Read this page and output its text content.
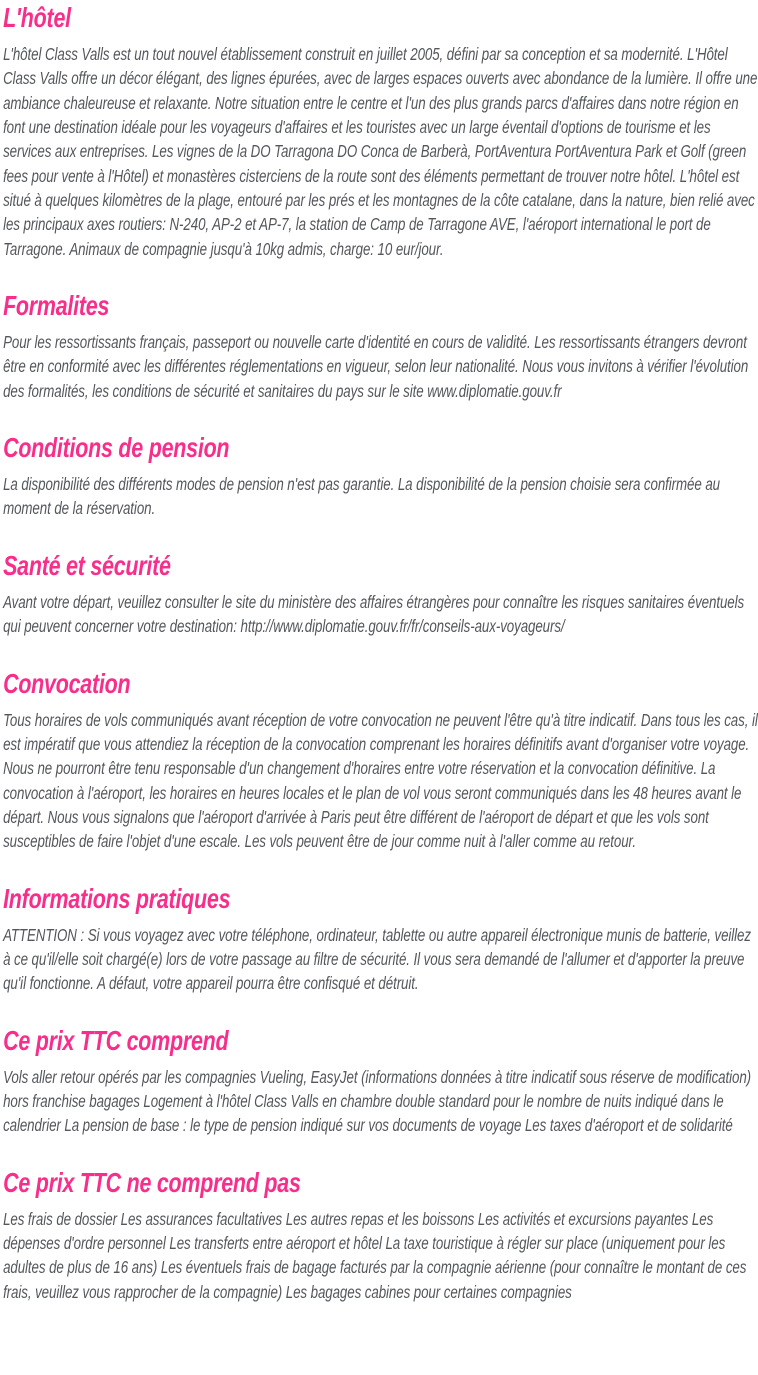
L'hôtel

L'hôtel Class Valls est un tout nouvel établissement construit en juillet 2005, défini par sa conception et sa modernité. L'Hôtel Class Valls offre un décor élégant, des lignes épurées, avec de larges espaces ouverts avec abondance de la lumière. Il offre une ambiance chaleureuse et relaxante. Notre situation entre le centre et l'un des plus grands parcs d'affaires dans notre région en font une destination idéale pour les voyageurs d'affaires et les touristes avec un large éventail d'options de tourisme et les services aux entreprises. Les vignes de la DO Tarragona DO Conca de Barberà, PortAventura PortAventura Park et Golf (green fees pour vente à l'Hôtel) et monastères cisterciens de la route sont des éléments permettant de trouver notre hôtel. L'hôtel est situé à quelques kilomètres de la plage, entouré par les prés et les montagnes de la côte catalane, dans la nature, bien relié avec les principaux axes routiers: N-240, AP-2 et AP-7, la station de Camp de Tarragone AVE, l'aéroport international le port de Tarragone. Animaux de compagnie jusqu'à 10kg admis, charge: 10 eur/jour.

Formalites

Pour les ressortissants français, passeport ou nouvelle carte d'identité en cours de validité. Les ressortissants étrangers devront être en conformité avec les différentes réglementations en vigueur, selon leur nationalité. Nous vous invitons à vérifier l'évolution des formalités, les conditions de sécurité et sanitaires du pays sur le site www.diplomatie.gouv.fr

Conditions de pension

La disponibilité des différents modes de pension n'est pas garantie. La disponibilité de la pension choisie sera confirmée au moment de la réservation.

Santé et sécurité

Avant votre départ, veuillez consulter le site du ministère des affaires étrangères pour connaître les risques sanitaires éventuels qui peuvent concerner votre destination: http://www.diplomatie.gouv.fr/fr/conseils-aux-voyageurs/

Convocation

Tous horaires de vols communiqués avant réception de votre convocation ne peuvent l'être qu'à titre indicatif. Dans tous les cas, il est impératif que vous attendiez la réception de la convocation comprenant les horaires définitifs avant d'organiser votre voyage. Nous ne pourront être tenu responsable d'un changement d'horaires entre votre réservation et la convocation définitive. La convocation à l'aéroport, les horaires en heures locales et le plan de vol vous seront communiqués dans les 48 heures avant le départ. Nous vous signalons que l'aéroport d'arrivée à Paris peut être différent de l'aéroport de départ et que les vols sont susceptibles de faire l'objet d'une escale. Les vols peuvent être de jour comme nuit à l'aller comme au retour.

Informations pratiques

ATTENTION : Si vous voyagez avec votre téléphone, ordinateur, tablette ou autre appareil électronique munis de batterie, veillez à ce qu'il/elle soit chargé(e) lors de votre passage au filtre de sécurité. Il vous sera demandé de l'allumer et d'apporter la preuve qu'il fonctionne. A défaut, votre appareil pourra être confisqué et détruit.

Ce prix TTC comprend

Vols aller retour opérés par les compagnies Vueling, EasyJet (informations données à titre indicatif sous réserve de modification) hors franchise bagages Logement à l'hôtel Class Valls en chambre double standard pour le nombre de nuits indiqué dans le calendrier La pension de base : le type de pension indiqué sur vos documents de voyage Les taxes d'aéroport et de solidarité

Ce prix TTC ne comprend pas

Les frais de dossier Les assurances facultatives Les autres repas et les boissons Les activités et excursions payantes Les dépenses d'ordre personnel Les transferts entre aéroport et hôtel La taxe touristique à régler sur place (uniquement pour les adultes de plus de 16 ans) Les éventuels frais de bagage facturés par la compagnie aérienne (pour connaître le montant de ces frais, veuillez vous rapprocher de la compagnie) Les bagages cabines pour certaines compagnies
